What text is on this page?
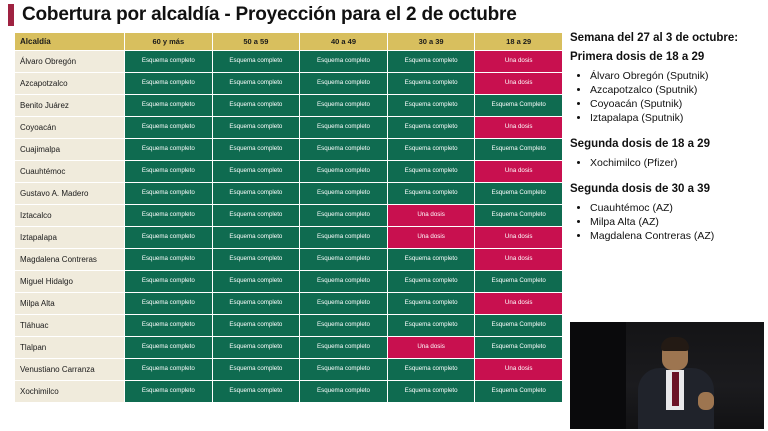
Cobertura por alcaldía - Proyección para el 2 de octubre
Alcaldía	60 y más	50 a 59	40 a 49	30 a 39	18 a 29
Álvaro Obregón	Esquema completo	Esquema completo	Esquema completo	Esquema completo	Una dosis
Azcapotzalco	Esquema completo	Esquema completo	Esquema completo	Esquema completo	Una dosis
Benito Juárez	Esquema completo	Esquema completo	Esquema completo	Esquema completo	Esquema Completo
Coyoacán	Esquema completo	Esquema completo	Esquema completo	Esquema completo	Una dosis
Cuajimalpa	Esquema completo	Esquema completo	Esquema completo	Esquema completo	Esquema Completo
Cuauhtémoc	Esquema completo	Esquema completo	Esquema completo	Esquema completo	Una dosis
Gustavo A. Madero	Esquema completo	Esquema completo	Esquema completo	Esquema completo	Esquema Completo
Iztacalco	Esquema completo	Esquema completo	Esquema completo	Una dosis	Esquema Completo
Iztapalapa	Esquema completo	Esquema completo	Esquema completo	Una dosis	Una dosis
Magdalena Contreras	Esquema completo	Esquema completo	Esquema completo	Esquema completo	Una dosis
Miguel Hidalgo	Esquema completo	Esquema completo	Esquema completo	Esquema completo	Esquema Completo
Milpa Alta	Esquema completo	Esquema completo	Esquema completo	Esquema completo	Una dosis
Tláhuac	Esquema completo	Esquema completo	Esquema completo	Esquema completo	Esquema Completo
Tlalpan	Esquema completo	Esquema completo	Esquema completo	Una dosis	Esquema Completo
Venustiano Carranza	Esquema completo	Esquema completo	Esquema completo	Esquema completo	Una dosis
Xochimilco	Esquema completo	Esquema completo	Esquema completo	Esquema completo	Esquema Completo
Semana del 27 al 3 de octubre:
Primera dosis de 18 a 29
• Álvaro Obregón (Sputnik)
• Azcapotzalco (Sputnik)
• Coyoacán (Sputnik)
• Iztapalapa (Sputnik)
Segunda dosis de 18 a 29
• Xochimilco (Pfizer)
Segunda dosis de 30 a 39
• Cuauhtémoc (AZ)
• Milpa Alta (AZ)
• Magdalena Contreras (AZ)
